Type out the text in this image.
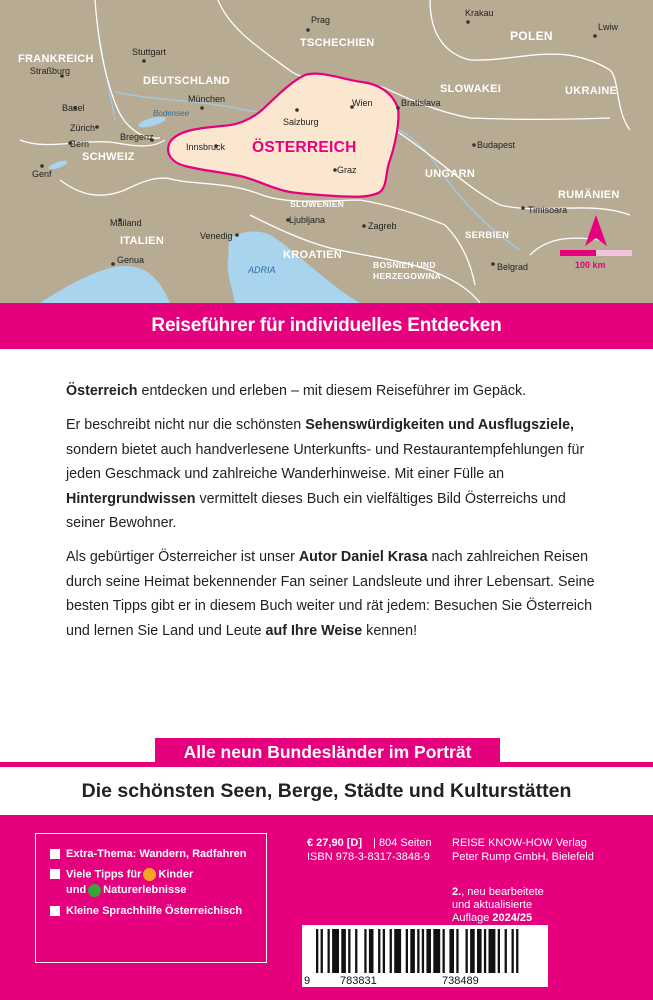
100 km
FRANKREICH
DEUTSCHLAND
TSCHECHIEN	POLEN
UKRAINE
SLOWAKEI
SCHWEIZ
ÖSTERREICH
UNGARN
RUMÄNIEN
ITALIEN
SLOWENIEN
KROATIEN
SERBIEN
BOSNIEN UND
HERZEGOWINA
Prag
Krakau
Lwiw
Stuttgart
Straßburg
München
Salzburg
Wien	Bratislava
Basel
Zürich
Bern
Bregenz
Innsbruck	Budapest
Genf	Graz
Mailand
Venedig
Ljubljana
Zagreb
Timisoara
Genua
Belgrad
Bodensee
ADRIA
Reiseführer für individuelles Entdecken

Österreich entdecken und erleben – mit diesem Reiseführer im Gepäck.

Er beschreibt nicht nur die schönsten Sehenswürdigkeiten und Ausflugsziele, sondern bietet auch handverlesene Unterkunfts- und Restaurantempfehlungen für jeden Geschmack und zahlreiche Wanderhinweise. Mit einer Fülle an Hintergrundwissen vermittelt dieses Buch ein vielfältiges Bild Österreichs und seiner Bewohner.

Als gebürtiger Österreicher ist unser Autor Daniel Krasa nach zahlreichen Reisen durch seine Heimat bekennender Fan seiner Landsleute und ihrer Lebensart. Seine besten Tipps gibt er in diesem Buch weiter und rät jedem: Besuchen Sie Österreich und lernen Sie Land und Leute auf Ihre Weise kennen!

Alle neun Bundesländer im Porträt
Die schönsten Seen, Berge, Städte und Kulturstätten
Extra-Thema: Wandern, Radfahren
Viele Tipps für Kinder
und Naturerlebnisse
Kleine Sprachhilfe Österreichisch
€ 27,90 [D] | 804 Seiten
ISBN 978-3-8317-3848-9
REISE KNOW-HOW Verlag
Peter Rump GmbH, Bielefeld
2., neu bearbeitete
und aktualisierte
Auflage 2024/25
9	783831	738489
